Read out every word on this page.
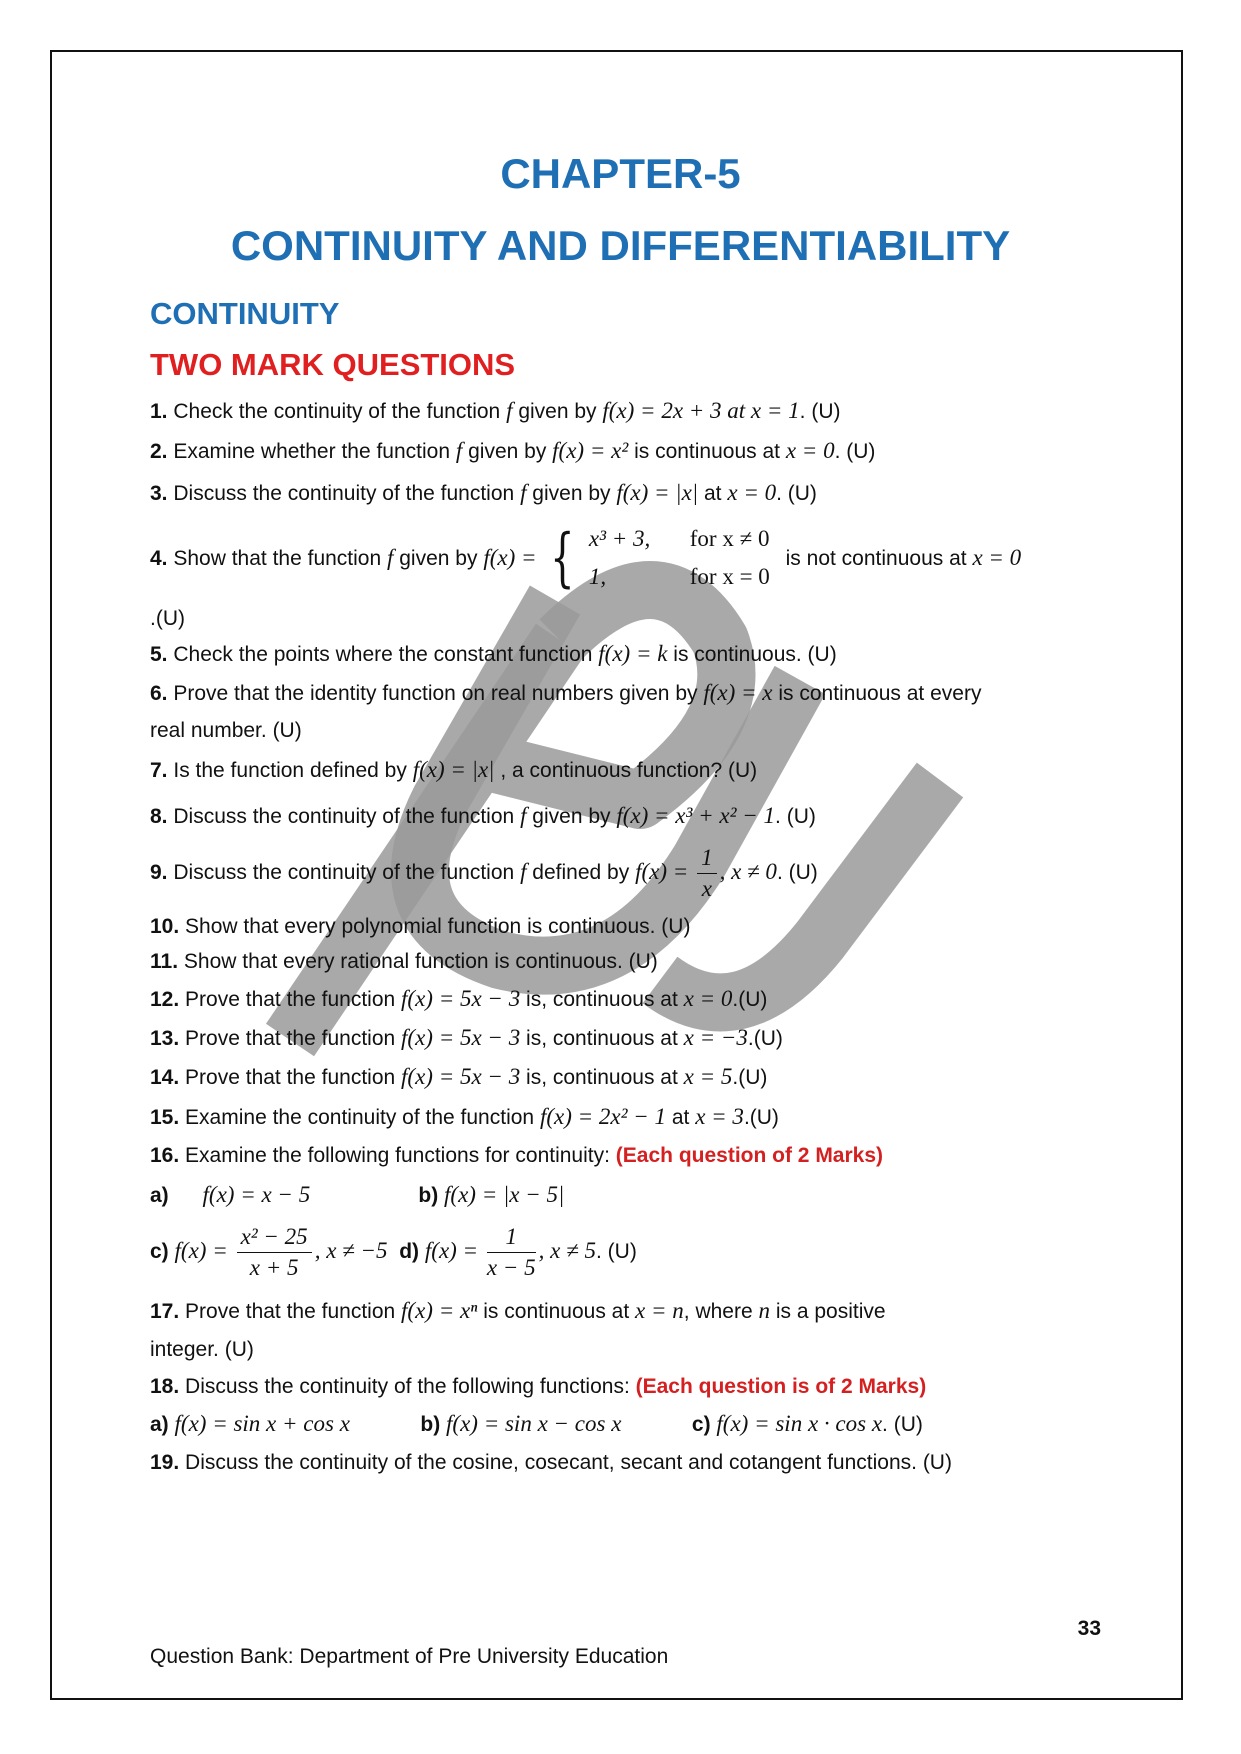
CHAPTER-5
CONTINUITY AND DIFFERENTIABILITY
CONTINUITY
TWO MARK QUESTIONS
1. Check the continuity of the function f given by f(x) = 2x + 3 at x = 1. (U)
2. Examine whether the function f given by f(x) = x² is continuous at x = 0. (U)
3. Discuss the continuity of the function f given by f(x) = |x| at x = 0. (U)
4. Show that the function f given by f(x) = { x³ + 3, for x ≠ 0
1,	for x = 0
is not continuous at x = 0
.(U)
5. Check the points where the constant function f(x) = k is continuous. (U)
6. Prove that the identity function on real numbers given by f(x) = x is continuous at every
real number. (U)
7. Is the function defined by f(x) = |x| , a continuous function? (U)
8. Discuss the continuity of the function f given by f(x) = x³ + x² − 1. (U)
9. Discuss the continuity of the function f defined by $f(x) = \frac{1}{x}$ , x ≠ 0. (U)
10. Show that every polynomial function is continuous. (U)
11. Show that every rational function is continuous. (U)
12. Prove that the function f(x) = 5x − 3 is, continuous at x = 0.(U)
13. Prove that the function f(x) = 5x − 3 is, continuous at x = −3.(U)
14. Prove that the function f(x) = 5x − 3 is, continuous at x = 5.(U)
15. Examine the continuity of the function f(x) = 2x² − 1 at x = 3.(U)
16. Examine the following functions for continuity: (Each question of 2 Marks)
a) f(x) = x − 5	b) f(x) = |x − 5|
c) $f(x) = \frac{\text{x² − 25}}{x + 5}$ , x ≠ −5 d) $f(x) = \frac{1}{x - 5}$ , x ≠ 5. (U)
17. Prove that the function f(x) = xⁿ is continuous at x = n, where n is a positive
integer. (U)
18. Discuss the continuity of the following functions: (Each question is of 2 Marks)
a) f(x) = sin x + cos x	b) f(x) = sin x − cos x	c) f(x) = sin x · cos x. (U)
19. Discuss the continuity of the cosine, cosecant, secant and cotangent functions. (U)
33
Question Bank: Department of Pre University Education
